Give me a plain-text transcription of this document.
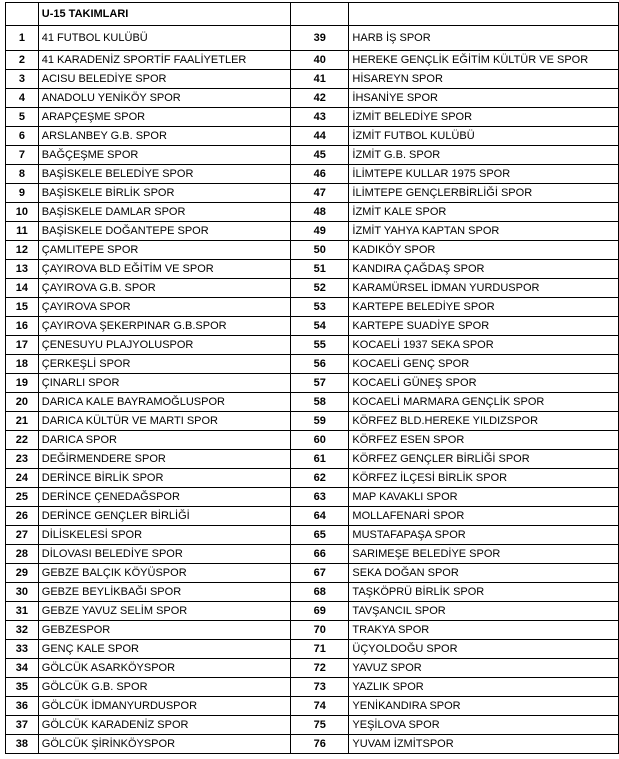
	U-15 TAKIMLARI		
1	41 FUTBOL KULÜBÜ	39	HARB İŞ SPOR
2	41 KARADENİZ SPORTİF FAALİYETLER	40	HEREKE GENÇLİK EĞİTİM KÜLTÜR VE SPOR
3	ACISU BELEDİYE SPOR	41	HİSAREYN SPOR
4	ANADOLU YENİKÖY SPOR	42	İHSANİYE SPOR
5	ARAPÇEŞME SPOR	43	İZMİT BELEDİYE SPOR
6	ARSLANBEY G.B. SPOR	44	İZMİT FUTBOL KULÜBÜ
7	BAĞÇEŞME SPOR	45	İZMİT G.B. SPOR
8	BAŞİSKELE BELEDİYE SPOR	46	İLİMTEPE KULLAR 1975 SPOR
9	BAŞİSKELE BİRLİK SPOR	47	İLİMTEPE GENÇLERBİRLİĞİ SPOR
10	BAŞİSKELE DAMLAR SPOR	48	İZMİT KALE SPOR
11	BAŞİSKELE DOĞANTEPE SPOR	49	İZMİT YAHYA KAPTAN SPOR
12	ÇAMLITEPE SPOR	50	KADIKÖY SPOR
13	ÇAYIROVA BLD EĞİTİM VE SPOR	51	KANDIRA ÇAĞDAŞ SPOR
14	ÇAYIROVA G.B. SPOR	52	KARAMÜRSEL İDMAN YURDUSPOR
15	ÇAYIROVA SPOR	53	KARTEPE BELEDİYE SPOR
16	ÇAYIROVA ŞEKERPINAR G.B.SPOR	54	KARTEPE SUADİYE SPOR
17	ÇENESUYU PLAJYOLUSPOR	55	KOCAELİ 1937 SEKA SPOR
18	ÇERKEŞLİ SPOR	56	KOCAELİ GENÇ SPOR
19	ÇINARLI SPOR	57	KOCAELİ GÜNEŞ SPOR
20	DARICA KALE BAYRAMOĞLUSPOR	58	KOCAELİ MARMARA GENÇLİK SPOR
21	DARICA KÜLTÜR VE MARTI SPOR	59	KÖRFEZ BLD.HEREKE YILDIZSPOR
22	DARICA SPOR	60	KÖRFEZ ESEN SPOR
23	DEĞİRMENDERE SPOR	61	KÖRFEZ GENÇLER BİRLİĞİ SPOR
24	DERİNCE BİRLİK SPOR	62	KÖRFEZ İLÇESİ BİRLİK SPOR
25	DERİNCE ÇENEDAĞSPOR	63	MAP KAVAKLI SPOR
26	DERİNCE GENÇLER BİRLİĞİ	64	MOLLAFENARİ SPOR
27	DİLİSKELESİ SPOR	65	MUSTAFAPAŞA SPOR
28	DİLOVASI BELEDİYE SPOR	66	SARIMEŞE BELEDİYE SPOR
29	GEBZE BALÇIK KÖYÜSPOR	67	SEKA DOĞAN SPOR
30	GEBZE BEYLİKBAĞI SPOR	68	TAŞKÖPRÜ BİRLİK SPOR
31	GEBZE YAVUZ SELİM SPOR	69	TAVŞANCIL SPOR
32	GEBZESPOR	70	TRAKYA SPOR
33	GENÇ KALE SPOR	71	ÜÇYOLDOĞU SPOR
34	GÖLCÜK ASARKÖYSPOR	72	YAVUZ SPOR
35	GÖLCÜK G.B. SPOR	73	YAZLIK SPOR
36	GÖLCÜK İDMANYURDUSPOR	74	YENİKANDIRA SPOR
37	GÖLCÜK KARADENİZ SPOR	75	YEŞİLOVA SPOR
38	GÖLCÜK ŞİRİNKÖYSPOR	76	YUVAM İZMİTSPOR
